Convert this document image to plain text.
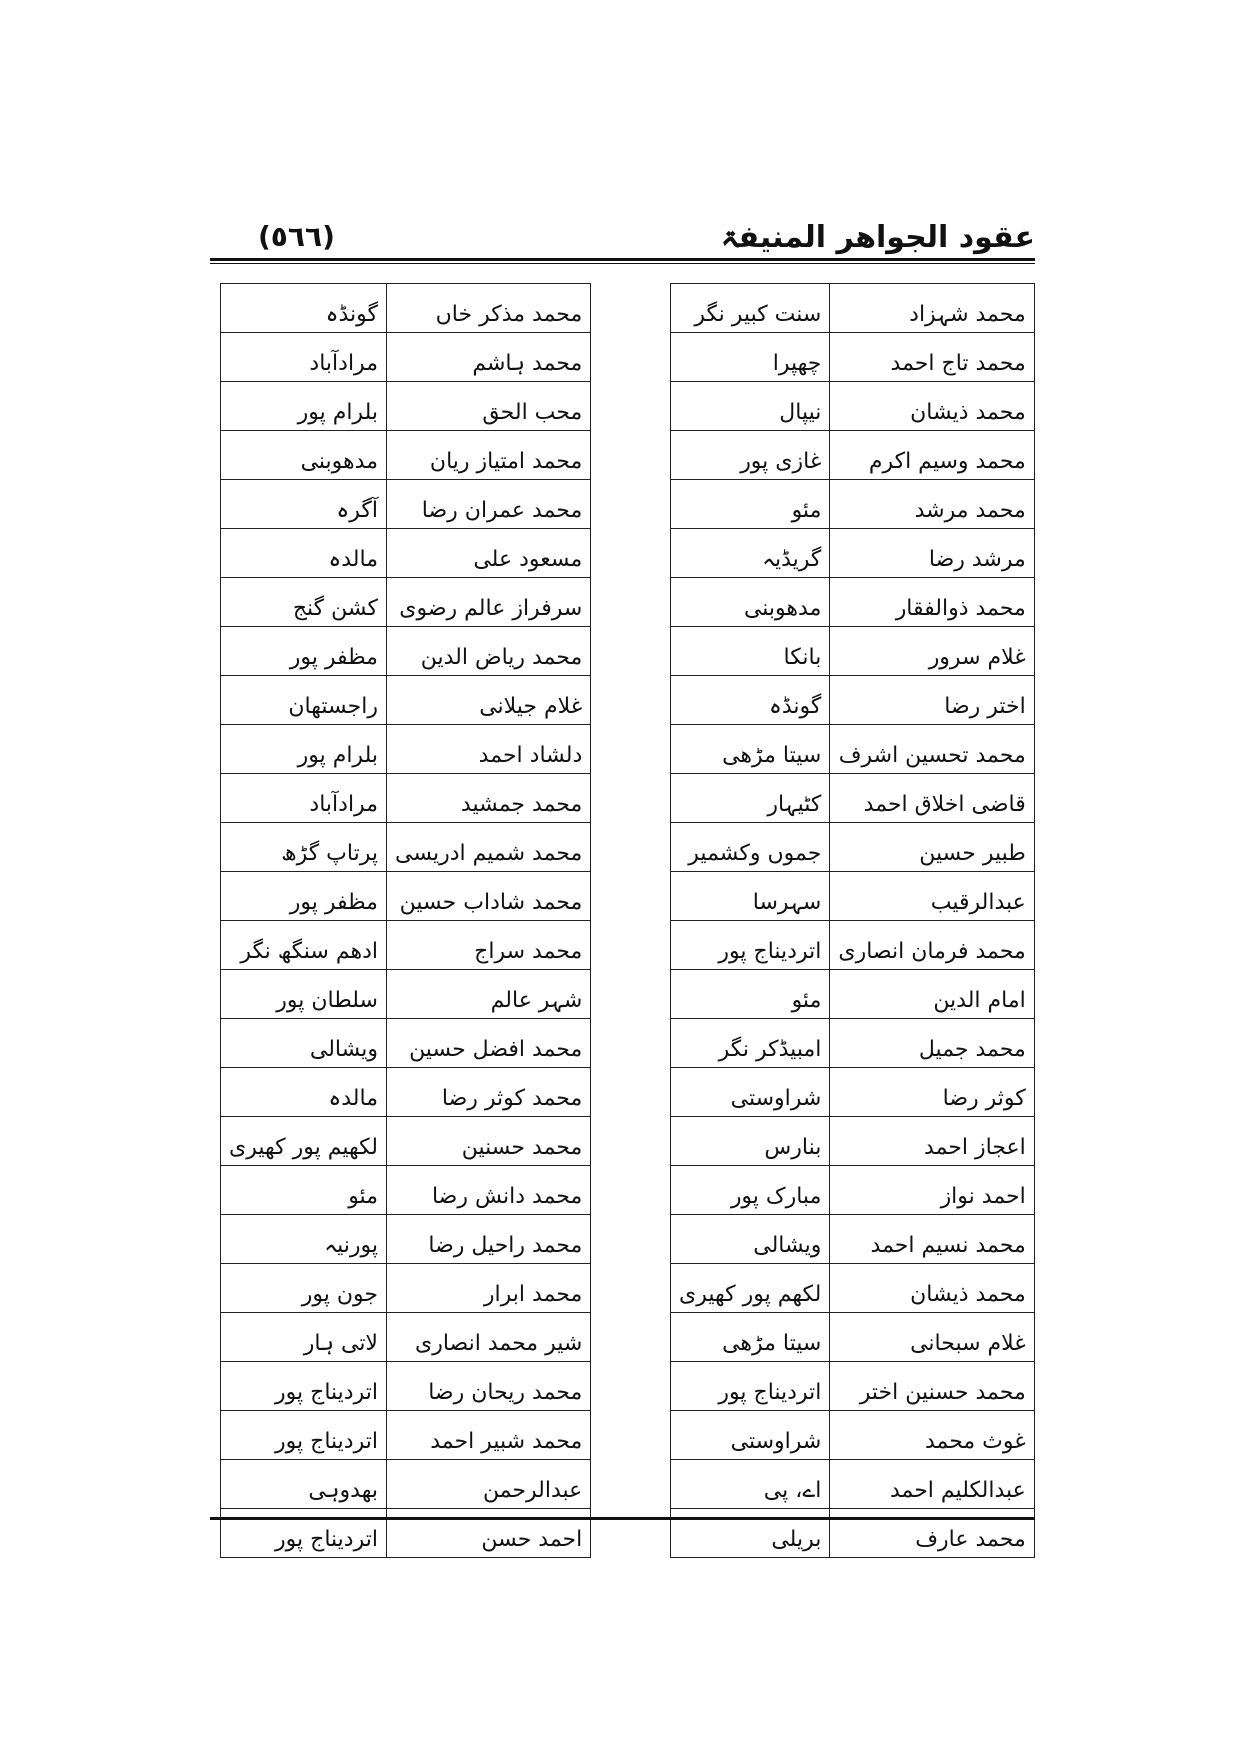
عقود الجواهر المنیفۃ
(٥٦٦)
محمد شہزاد	سنت کبیر نگر
محمد تاج احمد	چھپرا
محمد ذیشان	نیپال
محمد وسیم اکرم	غازی پور
محمد مرشد	مئو
مرشد رضا	گریڈیہ
محمد ذوالفقار	مدھوبنی
غلام سرور	بانکا
اختر رضا	گونڈہ
محمد تحسین اشرف	سیتا مڑھی
قاضی اخلاق احمد	کٹیہار
طبیر حسین	جموں وکشمیر
عبدالرقیب	سہرسا
محمد فرمان انصاری	اتردیناج پور
امام الدین	مئو
محمد جمیل	امبیڈکر نگر
کوثر رضا	شراوستی
اعجاز احمد	بنارس
احمد نواز	مبارک پور
محمد نسیم احمد	ویشالی
محمد ذیشان	لکھم پور کھیری
غلام سبحانی	سیتا مڑھی
محمد حسنین اختر	اتردیناج پور
غوث محمد	شراوستی
عبدالکلیم احمد	اے، پی
محمد عارف	بریلی
محمد مذکر خاں	گونڈہ
محمد ہاشم	مرادآباد
محب الحق	بلرام پور
محمد امتیاز ریان	مدھوبنی
محمد عمران رضا	آگرہ
مسعود علی	مالدہ
سرفراز عالم رضوی	کشن گنج
محمد ریاض الدین	مظفر پور
غلام جیلانی	راجستھان
دلشاد احمد	بلرام پور
محمد جمشید	مرادآباد
محمد شمیم ادریسی	پرتاپ گڑھ
محمد شاداب حسین	مظفر پور
محمد سراج	ادھم سنگھ نگر
شہر عالم	سلطان پور
محمد افضل حسین	ویشالی
محمد کوثر رضا	مالدہ
محمد حسنین	لکھیم پور کھیری
محمد دانش رضا	مئو
محمد راحیل رضا	پورنیہ
محمد ابرار	جون پور
شیر محمد انصاری	لاتی ہار
محمد ریحان رضا	اتردیناج پور
محمد شبیر احمد	اتردیناج پور
عبدالرحمن	بھدوہی
احمد حسن	اتردیناج پور
